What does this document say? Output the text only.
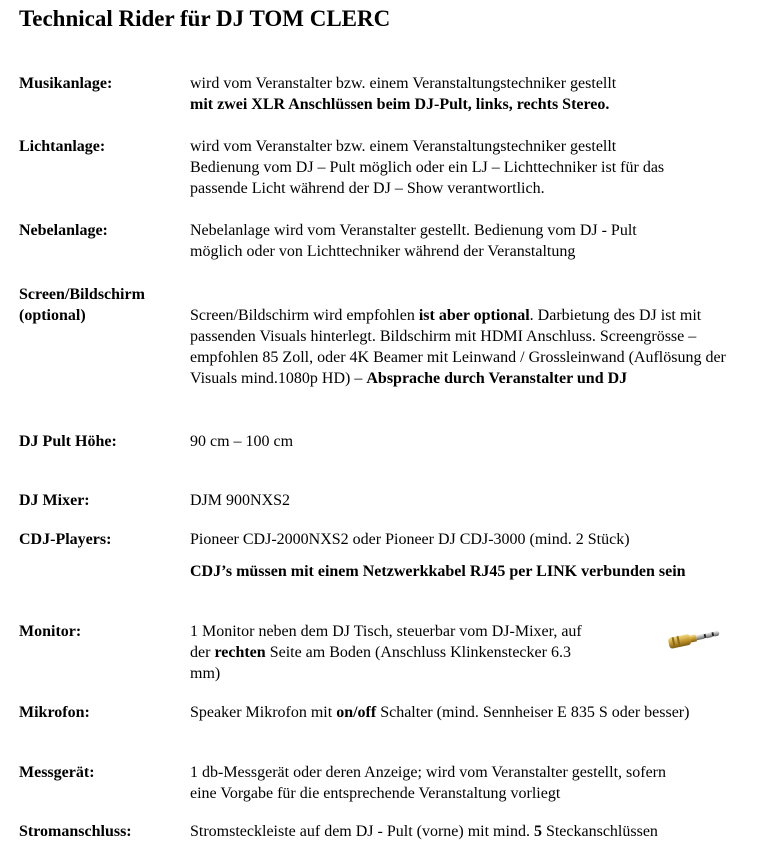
Technical Rider für DJ TOM CLERC
Musikanlage:	wird vom Veranstalter bzw. einem Veranstaltungstechniker gestellt

mit zwei XLR Anschlüssen beim DJ-Pult, links, rechts Stereo.

Lichtanlage:	wird vom Veranstalter bzw. einem Veranstaltungstechniker gestellt

Bedienung vom DJ – Pult möglich oder ein LJ – Lichttechniker ist für das

passende Licht während der DJ – Show verantwortlich.

Nebelanlage:	Nebelanlage wird vom Veranstalter gestellt. Bedienung vom DJ - Pult

möglich oder von Lichttechniker während der Veranstaltung

Screen/Bildschirm
(optional)	Screen/Bildschirm wird empfohlen ist aber optional. Darbietung des DJ ist mit passenden Visuals hinterlegt. Bildschirm mit HDMI Anschluss. Screengrösse – empfohlen 85 Zoll, oder 4K Beamer mit Leinwand / Grossleinwand (Auflösung der Visuals mind.1080p HD) – Absprache durch Veranstalter und DJ

DJ Pult Höhe:	90 cm – 100 cm

DJ Mixer:	DJM 900NXS2

CDJ-Players:	Pioneer CDJ-2000NXS2 oder Pioneer DJ CDJ-3000 (mind. 2 Stück)

CDJ’s müssen mit einem Netzwerkkabel RJ45 per LINK verbunden sein

Monitor:	1 Monitor neben dem DJ Tisch, steuerbar vom DJ-Mixer, auf

der rechten Seite am Boden (Anschluss Klinkenstecker 6.3

mm)

Mikrofon:	Speaker Mikrofon mit on/off Schalter (mind. Sennheiser E 835 S oder besser)

Messgerät:	1 db-Messgerät oder deren Anzeige; wird vom Veranstalter gestellt, sofern

eine Vorgabe für die entsprechende Veranstaltung vorliegt

Stromanschluss:	Stromsteckleiste auf dem DJ - Pult (vorne) mit mind. 5 Steckanschlüssen
